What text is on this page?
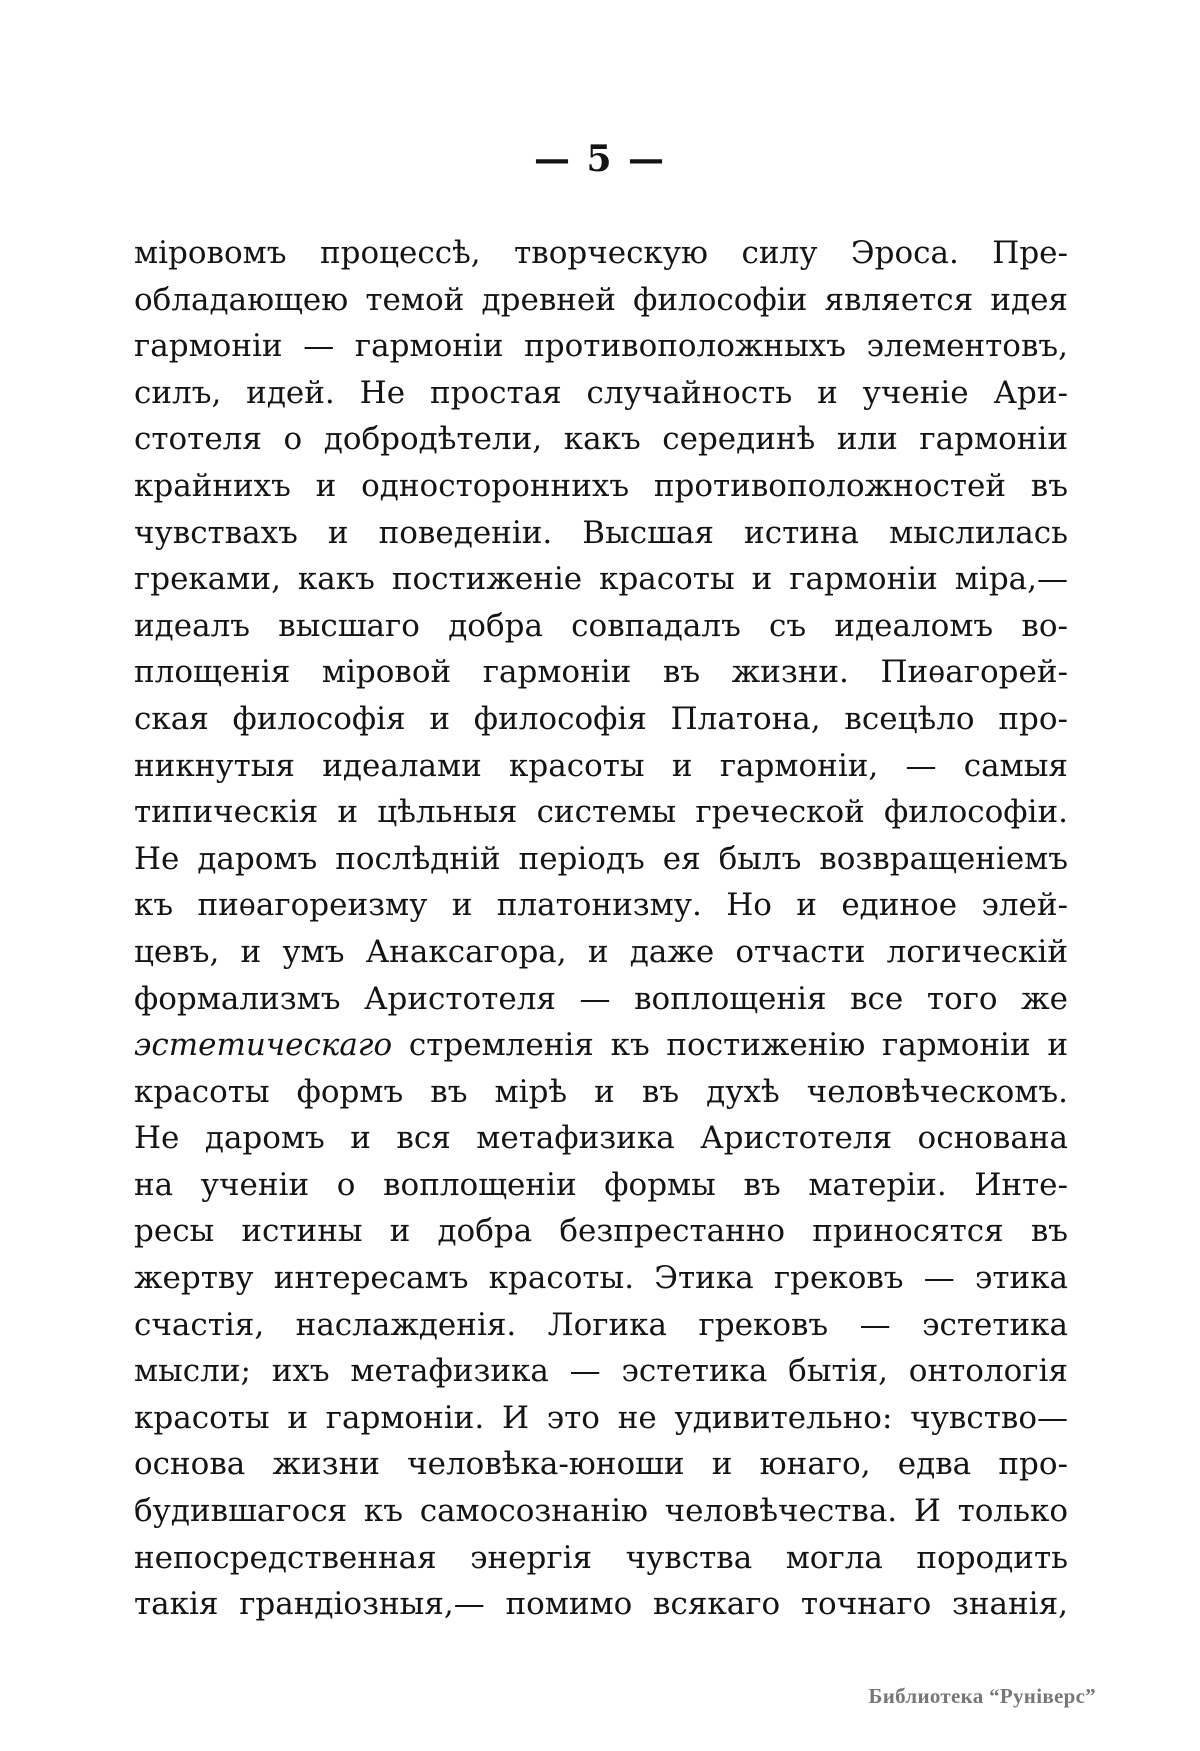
— 5 —
міровомъ процессѣ, творческую силу Эроса. Пре-
обладающею темой древней философіи является идея
гармоніи — гармоніи противоположныхъ элементовъ,
силъ, идей. Не простая случайность и ученіе Ари-
стотеля о добродѣтели, какъ серединѣ или гармоніи
крайнихъ и одностороннихъ противоположностей въ
чувствахъ и поведеніи. Высшая истина мыслилась
греками, какъ постиженіе красоты и гармоніи міра,—
идеалъ высшаго добра совпадалъ съ идеаломъ во-
площенія міровой гармоніи въ жизни. Пиѳагорей-
ская философія и философія Платона, всецѣло про-
никнутыя идеалами красоты и гармоніи, — самыя
типическія и цѣльныя системы греческой философіи.
Не даромъ послѣдній періодъ ея былъ возвращеніемъ
къ пиѳагореизму и платонизму. Но и единое элей-
цевъ, и умъ Анаксагора, и даже отчасти логическій
формализмъ Аристотеля — воплощенія все того же
эстетическаго стремленія къ постиженію гармоніи и
красоты формъ въ мірѣ и въ духѣ человѣческомъ.
Не даромъ и вся метафизика Аристотеля основана
на ученіи о воплощеніи формы въ матеріи. Инте-
ресы истины и добра безпрестанно приносятся въ
жертву интересамъ красоты. Этика грековъ — этика
счастія, наслажденія. Логика грековъ — эстетика
мысли; ихъ метафизика — эстетика бытія, онтологія
красоты и гармоніи. И это не удивительно: чувство—
основа жизни человѣка-юноши и юнаго, едва про-
будившагося къ самосознанію человѣчества. И только
непосредственная энергія чувства могла породить
такія грандіозныя,— помимо всякаго точнаго знанія,
Библиотека “Рунiверс”
